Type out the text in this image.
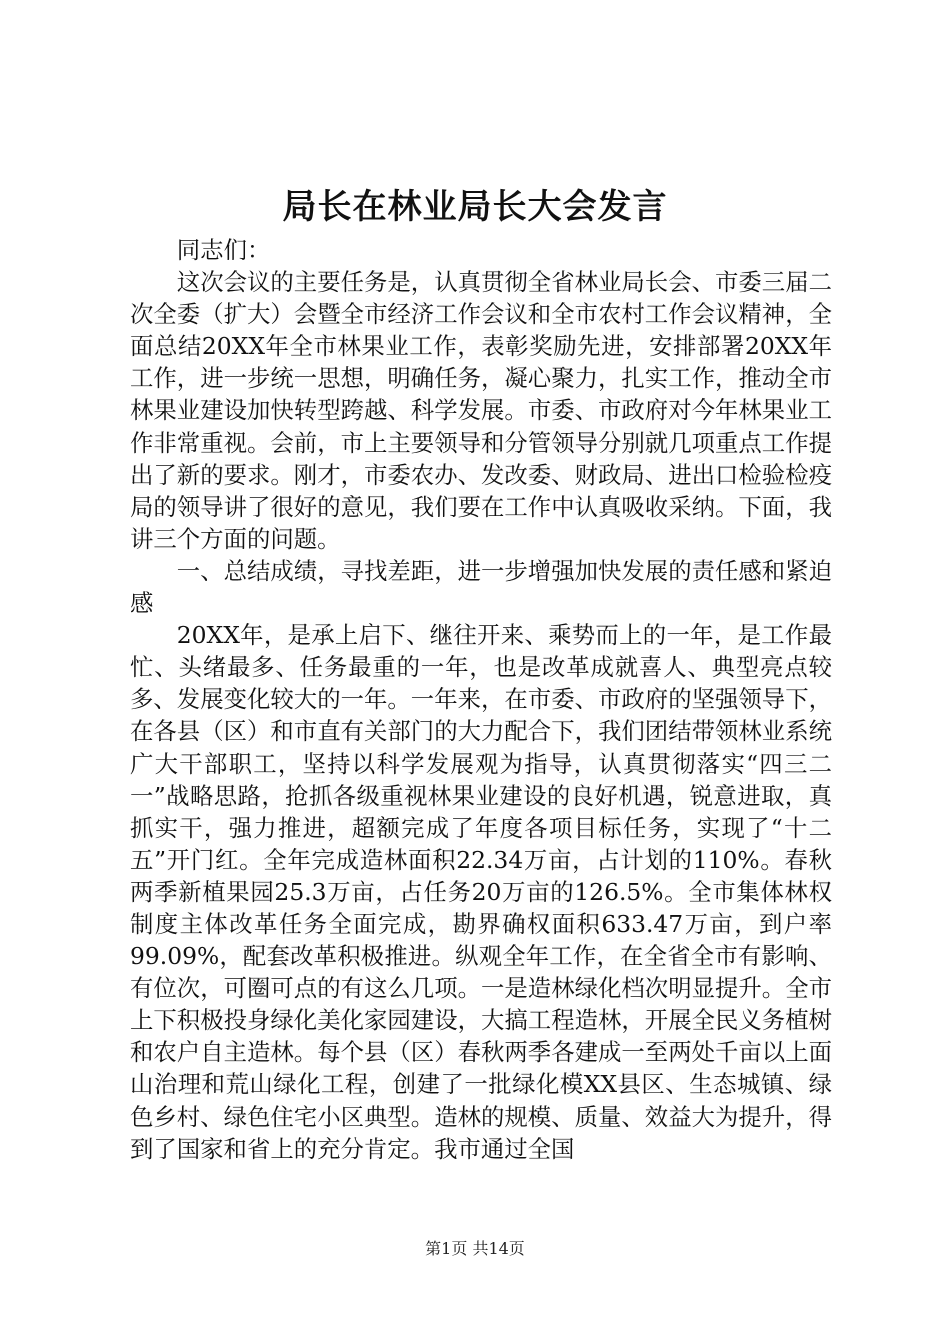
局长在林业局长大会发言

同志们：

这次会议的主要任务是，认真贯彻全省林业局长会、市委三届二次全委（扩大）会暨全市经济工作会议和全市农村工作会议精神，全面总结20XX年全市林果业工作，表彰奖励先进，安排部署20XX年工作，进一步统一思想，明确任务，凝心聚力，扎实工作，推动全市林果业建设加快转型跨越、科学发展。市委、市政府对今年林果业工作非常重视。会前，市上主要领导和分管领导分别就几项重点工作提出了新的要求。刚才，市委农办、发改委、财政局、进出口检验检疫局的领导讲了很好的意见，我们要在工作中认真吸收采纳。下面，我讲三个方面的问题。

一、总结成绩，寻找差距，进一步增强加快发展的责任感和紧迫感

20XX年，是承上启下、继往开来、乘势而上的一年，是工作最忙、头绪最多、任务最重的一年，也是改革成就喜人、典型亮点较多、发展变化较大的一年。一年来，在市委、市政府的坚强领导下，在各县（区）和市直有关部门的大力配合下，我们团结带领林业系统广大干部职工，坚持以科学发展观为指导，认真贯彻落实“四三二一”战略思路，抢抓各级重视林果业建设的良好机遇，锐意进取，真抓实干，强力推进，超额完成了年度各项目标任务，实现了“十二五”开门红。全年完成造林面积22.34万亩，占计划的110%。春秋两季新植果园25.3万亩，占任务20万亩的126.5%。全市集体林权制度主体改革任务全面完成，勘界确权面积633.47万亩，到户率99.09%，配套改革积极推进。纵观全年工作，在全省全市有影响、有位次，可圈可点的有这么几项。一是造林绿化档次明显提升。全市上下积极投身绿化美化家园建设，大搞工程造林，开展全民义务植树和农户自主造林。每个县（区）春秋两季各建成一至两处千亩以上面山治理和荒山绿化工程，创建了一批绿化模XX县区、生态城镇、绿色乡村、绿色住宅小区典型。造林的规模、质量、效益大为提升，得到了国家和省上的充分肯定。我市通过全国

第1页 共14页
